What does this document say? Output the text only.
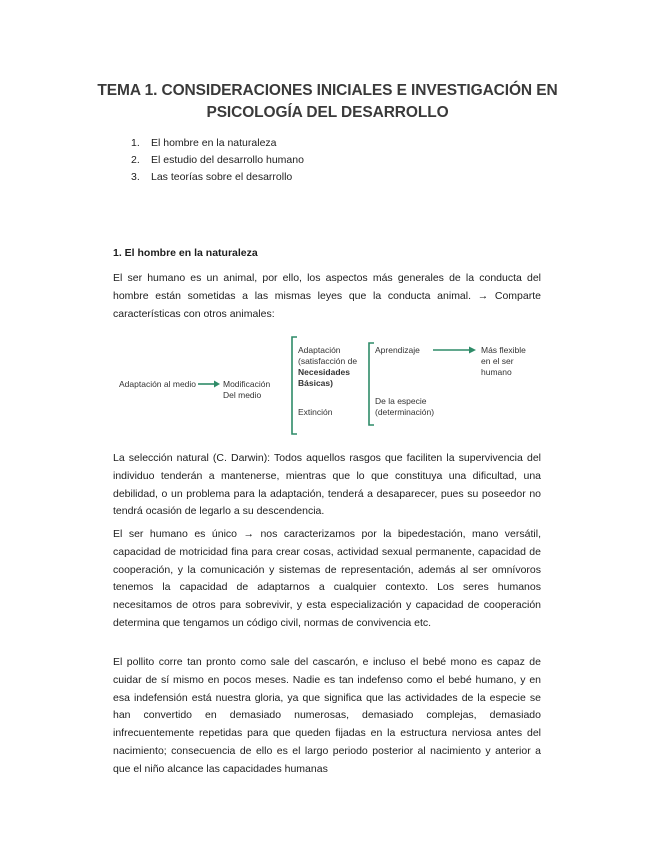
TEMA 1. CONSIDERACIONES INICIALES E INVESTIGACIÓN EN
PSICOLOGÍA DEL DESARROLLO
1. El hombre en la naturaleza
2. El estudio del desarrollo humano
3. Las teorías sobre el desarrollo
1. El hombre en la naturaleza

El ser humano es un animal, por ello, los aspectos más generales de la conducta del hombre están sometidas a las mismas leyes que la conducta animal. → Comparte características con otros animales:

Adaptación al medio	Modificación
Del medio
Adaptación
(satisfacción de
Necesidades
Básicas)
Extinción
Aprendizaje
De la especie
(determinación)
Más flexible
en el ser
humano

La selección natural (C. Darwin): Todos aquellos rasgos que faciliten la supervivencia del individuo tenderán a mantenerse, mientras que lo que constituya una dificultad, una debilidad, o un problema para la adaptación, tenderá a desaparecer, pues su poseedor no tendrá ocasión de legarlo a su descendencia.

El ser humano es único → nos caracterizamos por la bipedestación, mano versátil, capacidad de motricidad fina para crear cosas, actividad sexual permanente, capacidad de cooperación, y la comunicación y sistemas de representación, además al ser omnívoros tenemos la capacidad de adaptarnos a cualquier contexto. Los seres humanos necesitamos de otros para sobrevivir, y esta especialización y capacidad de cooperación determina que tengamos un código civil, normas de convivencia etc.

El pollito corre tan pronto como sale del cascarón, e incluso el bebé mono es capaz de cuidar de sí mismo en pocos meses. Nadie es tan indefenso como el bebé humano, y en esa indefensión está nuestra gloria, ya que significa que las actividades de la especie se han convertido en demasiado numerosas, demasiado complejas, demasiado infrecuentemente repetidas para que queden fijadas en la estructura nerviosa antes del nacimiento; consecuencia de ello es el largo periodo posterior al nacimiento y anterior a que el niño alcance las capacidades humanas
